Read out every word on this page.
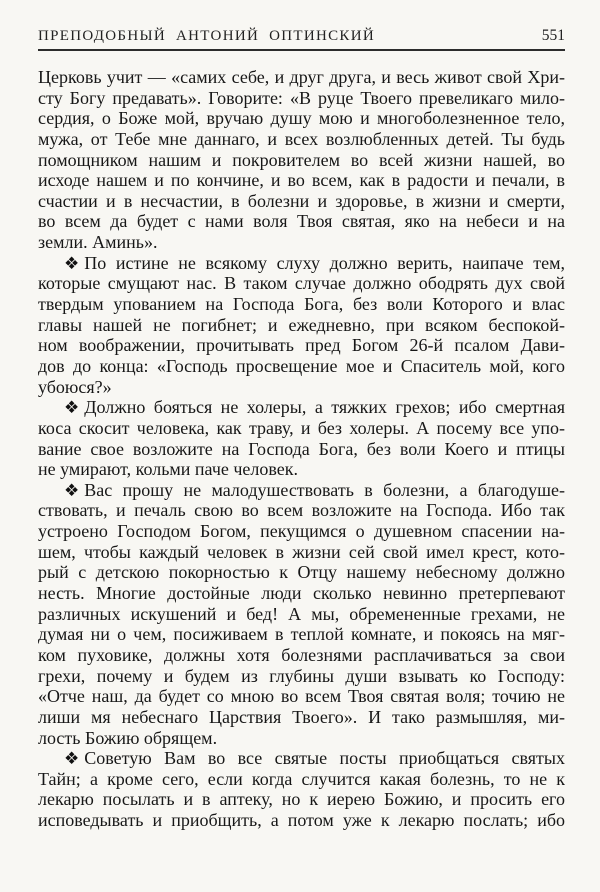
ПРЕПОДОБНЫЙ АНТОНИЙ ОПТИНСКИЙ	551
Церковь учит — «самих себе, и друг друга, и весь живот свой Хри-
сту Богу предавать». Говорите: «В руце Твоего превеликаго мило-
сердия, о Боже мой, вручаю душу мою и многоболезненное тело,
мужа, от Тебе мне даннаго, и всех возлюбленных детей. Ты будь
помощником нашим и покровителем во всей жизни нашей, во
исходе нашем и по кончине, и во всем, как в радости и печали, в
счастии и в несчастии, в болезни и здоровье, в жизни и смерти,
во всем да будет с нами воля Твоя святая, яко на небеси и на
земли. Аминь».
❖ По истине не всякому слуху должно верить, наипаче тем,
которые смущают нас. В таком случае должно ободрять дух свой
твердым упованием на Господа Бога, без воли Которого и влас
главы нашей не погибнет; и ежедневно, при всяком беспокой-
ном воображении, прочитывать пред Богом 26-й псалом Дави-
дов до конца: «Господь просвещение мое и Спаситель мой, кого
убоюся?»
❖ Должно бояться не холеры, а тяжких грехов; ибо смертная
коса скосит человека, как траву, и без холеры. А посему все упо-
вание свое возложите на Господа Бога, без воли Коего и птицы
не умирают, кольми паче человек.
❖ Вас прошу не малодушествовать в болезни, а благодуше-
ствовать, и печаль свою во всем возложите на Господа. Ибо так
устроено Господом Богом, пекущимся о душевном спасении на-
шем, чтобы каждый человек в жизни сей свой имел крест, кото-
рый с детскою покорностью к Отцу нашему небесному должно
несть. Многие достойные люди сколько невинно претерпевают
различных искушений и бед! А мы, обремененные грехами, не
думая ни о чем, посиживаем в теплой комнате, и покоясь на мяг-
ком пуховике, должны хотя болезнями расплачиваться за свои
грехи, почему и будем из глубины души взывать ко Господу:
«Отче наш, да будет со мною во всем Твоя святая воля; точию не
лиши мя небеснаго Царствия Твоего». И тако размышляя, ми-
лость Божию обрящем.
❖ Советую Вам во все святые посты приобщаться святых
Тайн; а кроме сего, если когда случится какая болезнь, то не к
лекарю посылать и в аптеку, но к иерею Божию, и просить его
исповедывать и приобщить, а потом уже к лекарю послать; ибо
